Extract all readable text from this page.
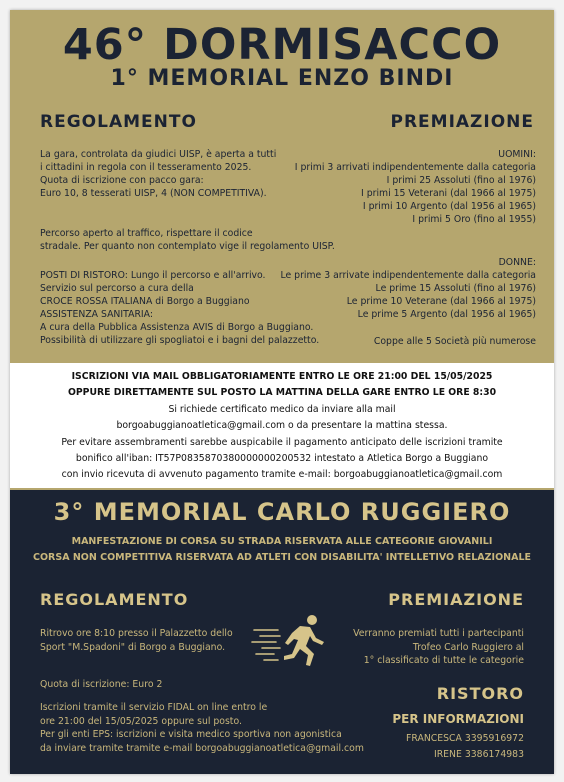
46° DORMISACCO
1° MEMORIAL ENZO BINDI
REGOLAMENTO	PREMIAZIONE
La gara, controlata da giudici UISP, è aperta a tutti
i cittadini in regola con il tesseramento 2025.
Quota di iscrizione con pacco gara:
Euro 10, 8 tesserati UISP, 4 (NON COMPETITIVA).
Percorso aperto al traffico, rispettare il codice
stradale. Per quanto non contemplato vige il regolamento UISP.
POSTI DI RISTORO: Lungo il percorso e all'arrivo.
Servizio sul percorso a cura della
CROCE ROSSA ITALIANA di Borgo a Buggiano
ASSISTENZA SANITARIA:
A cura della Pubblica Assistenza AVIS di Borgo a Buggiano.
Possibilità di utilizzare gli spogliatoi e i bagni del palazzetto.
UOMINI:
I primi 3 arrivati indipendentemente dalla categoria
I primi 25 Assoluti (fino al 1976)
I primi 15 Veterani (dal 1966 al 1975)
I primi 10 Argento (dal 1956 al 1965)
I primi 5 Oro (fino al 1955)
DONNE:
Le prime 3 arrivate indipendentemente dalla categoria
Le prime 15 Assoluti (fino al 1976)
Le prime 10 Veterane (dal 1966 al 1975)
Le prime 5 Argento (dal 1956 al 1965)
Coppe alle 5 Società più numerose
ISCRIZIONI VIA MAIL OBBLIGATORIAMENTE ENTRO LE ORE 21:00 DEL 15/05/2025
OPPURE DIRETTAMENTE SUL POSTO LA MATTINA DELLA GARE ENTRO LE ORE 8:30
Si richiede certificato medico da inviare alla mail
borgoabuggianoatletica@gmail.com o da presentare la mattina stessa.
Per evitare assembramenti sarebbe auspicabile il pagamento anticipato delle iscrizioni tramite
bonifico all'iban: IT57P0835870380000000200532 intestato a Atletica Borgo a Buggiano
con invio ricevuta di avvenuto pagamento tramite e-mail: borgoabuggianoatletica@gmail.com
3° MEMORIAL CARLO RUGGIERO
MANFESTAZIONE DI CORSA SU STRADA RISERVATA ALLE CATEGORIE GIOVANILI
CORSA NON COMPETITIVA RISERVATA AD ATLETI CON DISABILITA' INTELLETIVO RELAZIONALE
REGOLAMENTO	PREMIAZIONE
Ritrovo ore 8:10 presso il Palazzetto dello
Sport "M.Spadoni" di Borgo a Buggiano.
Verranno premiati tutti i partecipanti
Trofeo Carlo Ruggiero al
1° classificato di tutte le categorie
Quota di iscrizione: Euro 2	RISTORO
Iscrizioni tramite il servizio FIDAL on line entro le
ore 21:00 del 15/05/2025 oppure sul posto.
Per gli enti EPS: iscrizioni e visita medico sportiva non agonistica
da inviare tramite tramite e-mail borgoabuggianoatletica@gmail.com
PER INFORMAZIONI
FRANCESCA 3395916972
IRENE 3386174983
